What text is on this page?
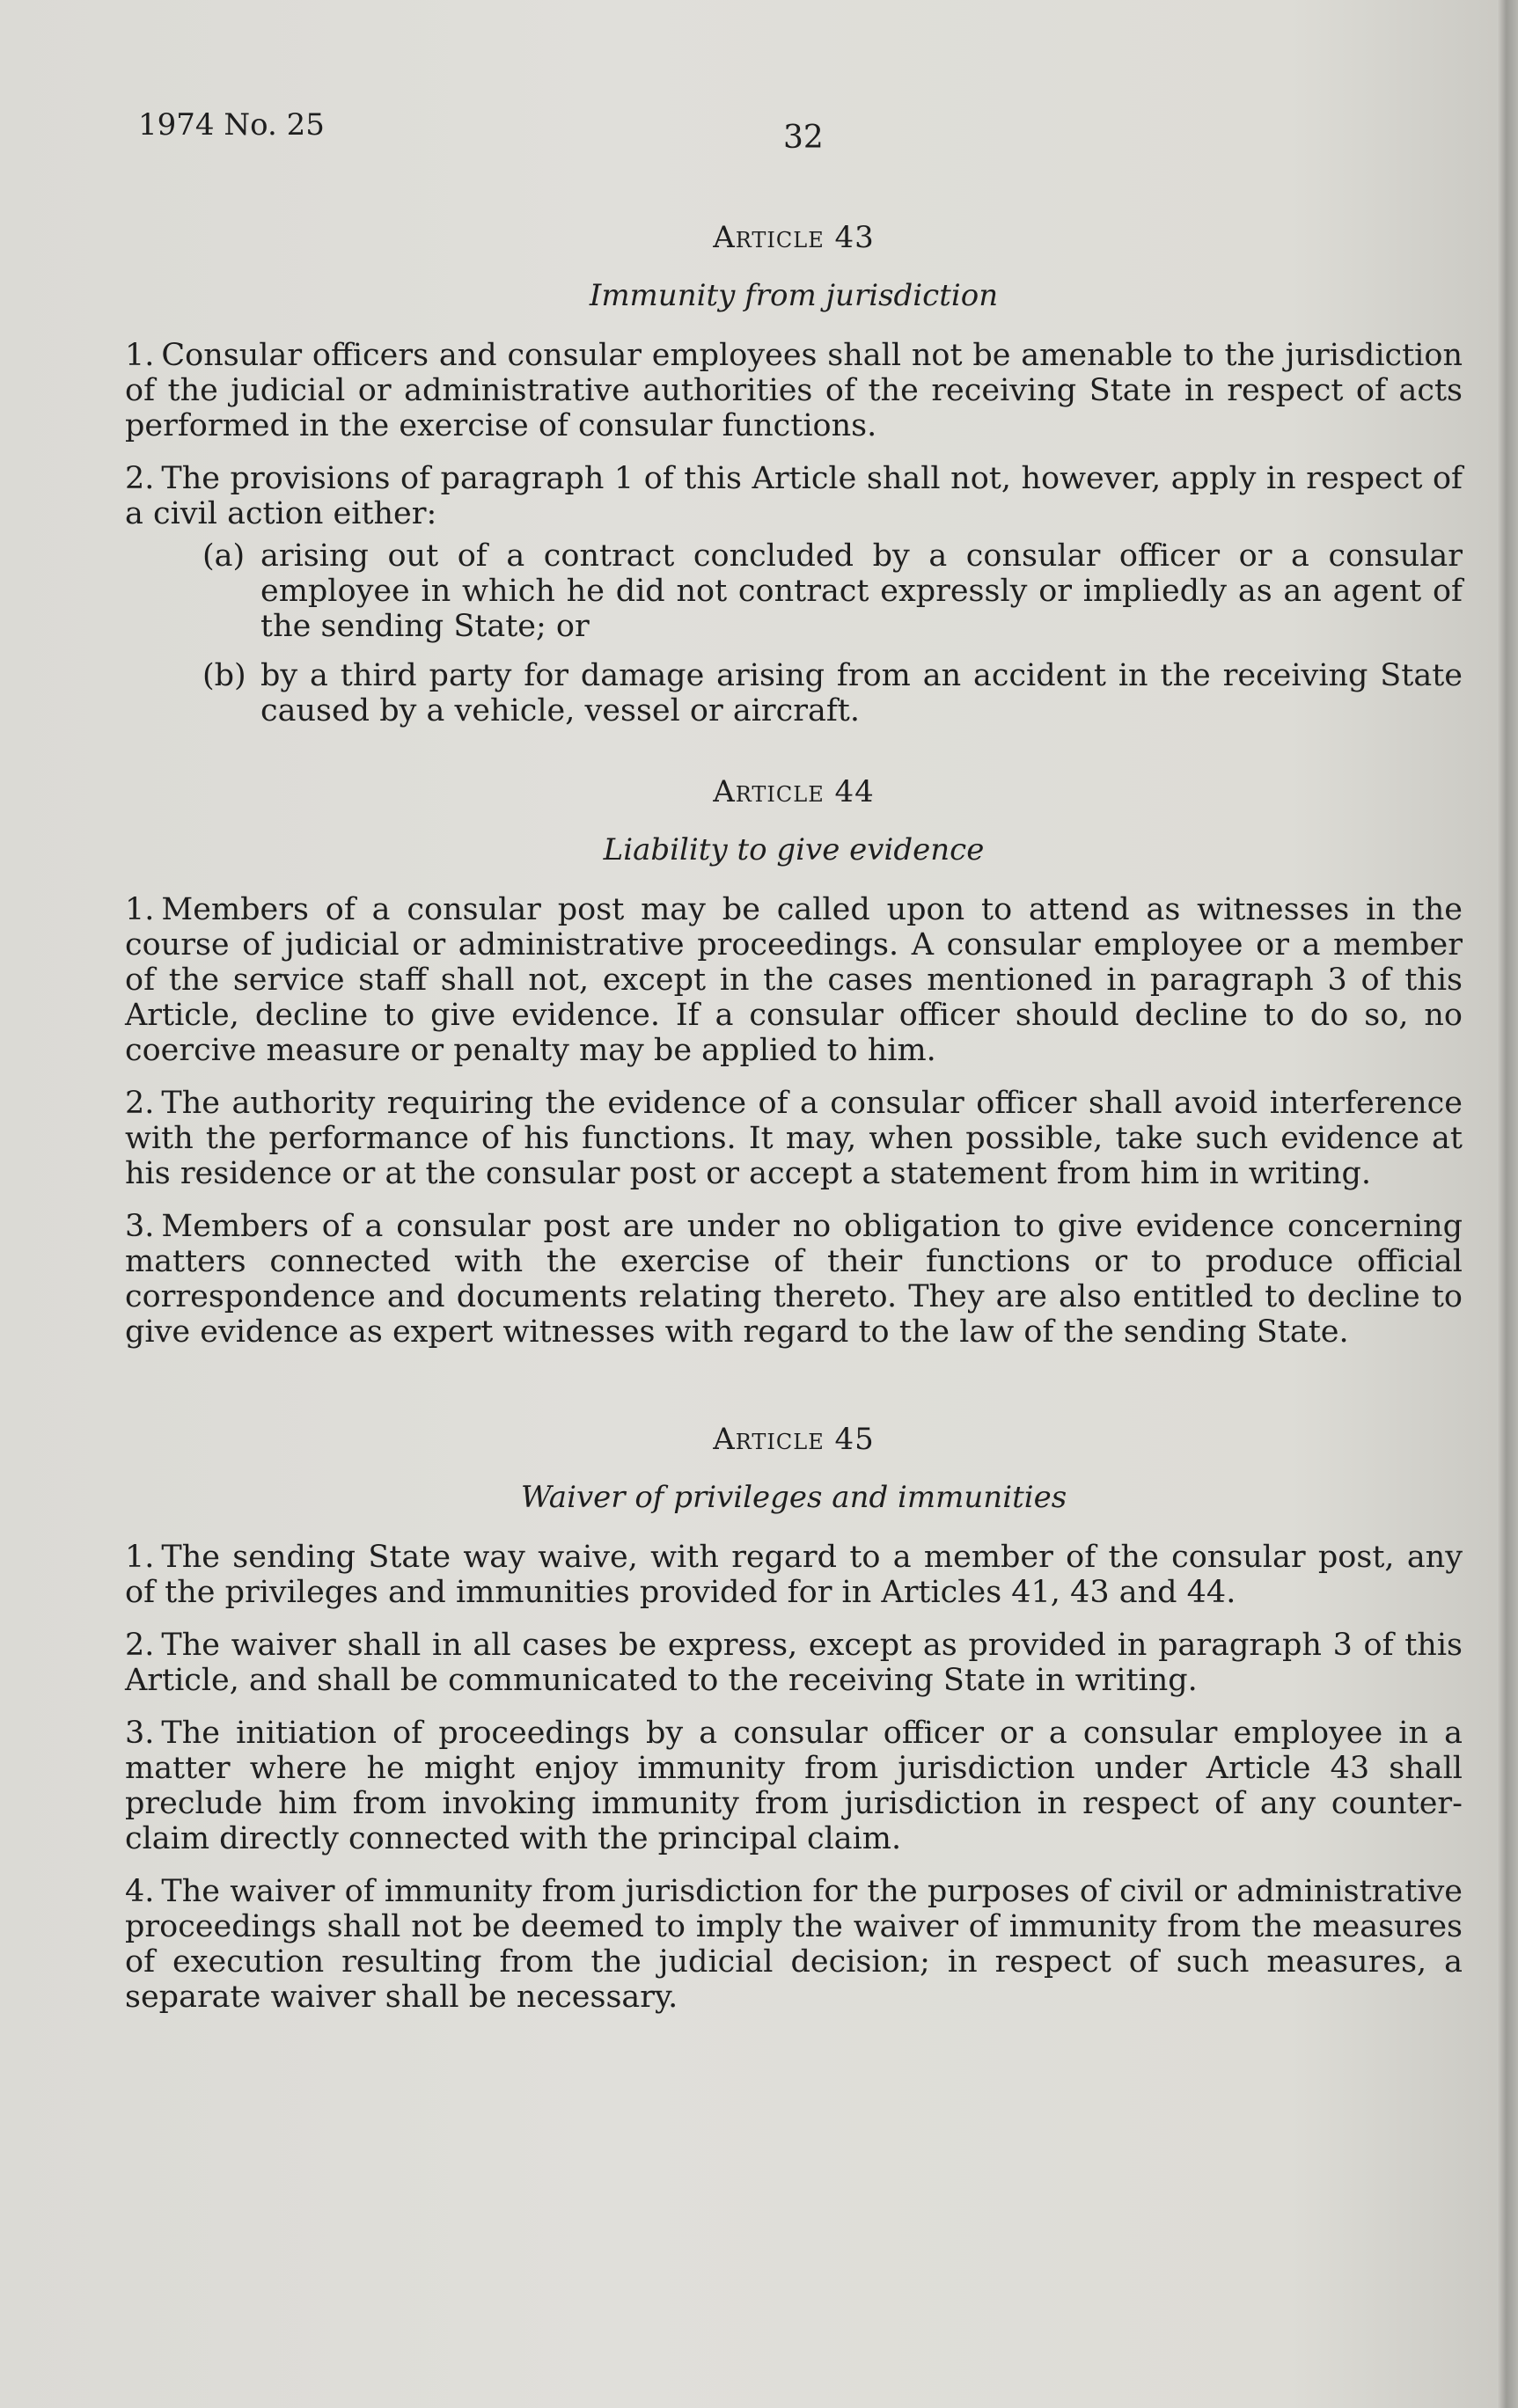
1974 No. 25	32
Article 43
Immunity from jurisdiction

1. Consular officers and consular employees shall not be amenable to the jurisdiction of the judicial or administrative authorities of the receiving State in respect of acts performed in the exercise of consular functions.

2. The provisions of paragraph 1 of this Article shall not, however, apply in respect of a civil action either:

(a) arising out of a contract concluded by a consular officer or a consular employee in which he did not contract expressly or impliedly as an agent of the sending State; or
(b) by a third party for damage arising from an accident in the receiving State caused by a vehicle, vessel or aircraft.
Article 44
Liability to give evidence

1. Members of a consular post may be called upon to attend as witnesses in the course of judicial or administrative proceedings. A consular employee or a member of the service staff shall not, except in the cases mentioned in paragraph 3 of this Article, decline to give evidence. If a consular officer should decline to do so, no coercive measure or penalty may be applied to him.

2. The authority requiring the evidence of a consular officer shall avoid interference with the performance of his functions. It may, when possible, take such evidence at his residence or at the consular post or accept a statement from him in writing.

3. Members of a consular post are under no obligation to give evidence concerning matters connected with the exercise of their functions or to produce official correspondence and documents relating thereto. They are also entitled to decline to give evidence as expert witnesses with regard to the law of the sending State.

Article 45
Waiver of privileges and immunities

1. The sending State way waive, with regard to a member of the consular post, any of the privileges and immunities provided for in Articles 41, 43 and 44.

2. The waiver shall in all cases be express, except as provided in paragraph 3 of this Article, and shall be communicated to the receiving State in writing.

3. The initiation of proceedings by a consular officer or a consular employee in a matter where he might enjoy immunity from jurisdiction under Article 43 shall preclude him from invoking immunity from jurisdiction in respect of any counter-claim directly connected with the principal claim.

4. The waiver of immunity from jurisdiction for the purposes of civil or administrative proceedings shall not be deemed to imply the waiver of immunity from the measures of execution resulting from the judicial decision; in respect of such measures, a separate waiver shall be necessary.
